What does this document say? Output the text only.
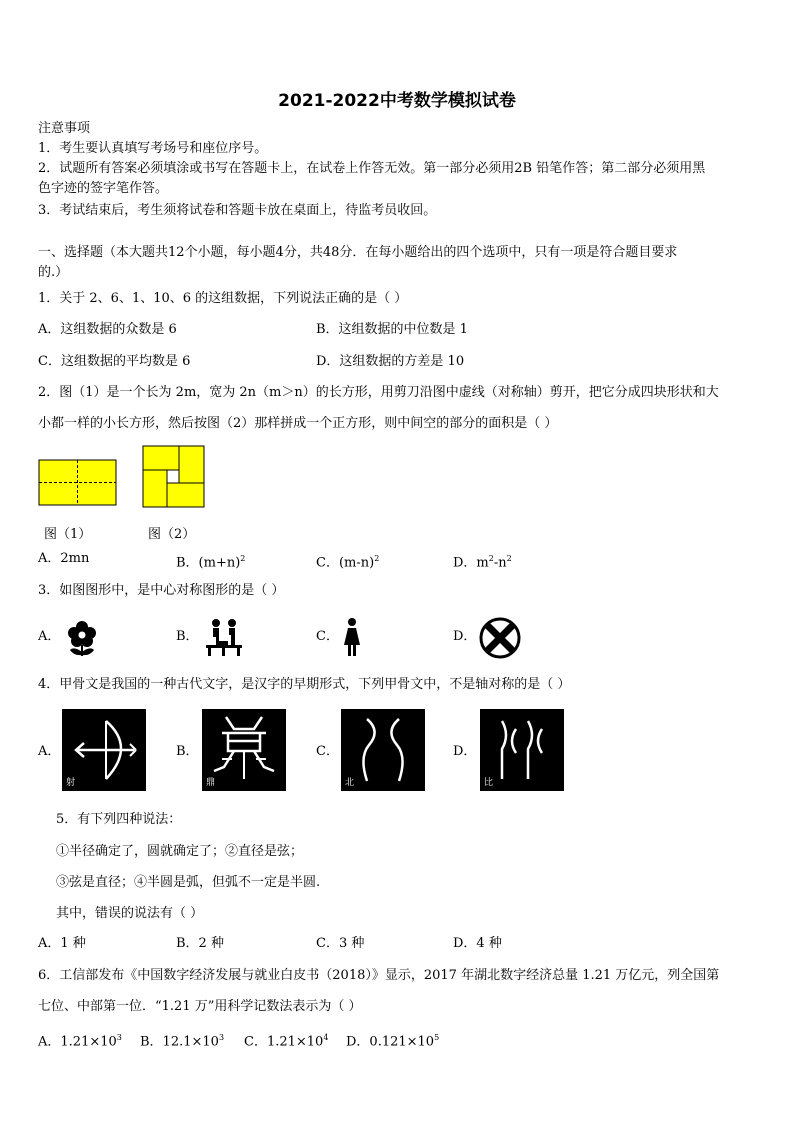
2021-2022中考数学模拟试卷
注意事项
1．考生要认真填写考场号和座位序号。
2．试题所有答案必须填涂或书写在答题卡上，在试卷上作答无效。第一部分必须用2B 铅笔作答；第二部分必须用黑
色字迹的签字笔作答。
3．考试结束后，考生须将试卷和答题卡放在桌面上，待监考员收回。
一、选择题（本大题共12个小题，每小题4分，共48分．在每小题给出的四个选项中，只有一项是符合题目要求
的.）
1．关于 2、6、1、10、6 的这组数据，下列说法正确的是（ ）
A．这组数据的众数是 6	B．这组数据的中位数是 1
C．这组数据的平均数是 6	D．这组数据的方差是 10
2．图（1）是一个长为 2m，宽为 2n（m＞n）的长方形，用剪刀沿图中虚线（对称轴）剪开，把它分成四块形状和大
小都一样的小长方形，然后按图（2）那样拼成一个正方形，则中间空的部分的面积是（ ）
图（1）	图（2）
A．2mn	B．$(m+n)^2$	C．$(m-n)^2$	D．$m^2-n^2$
3．如图图形中，是中心对称图形的是（ ）
A．	B．	C．	D．
4．甲骨文是我国的一种古代文字，是汉字的早期形式，下列甲骨文中，不是轴对称的是（ ）
A．
射
B．
鼎
C．
北
D．
比
5．有下列四种说法：
①半径确定了，圆就确定了；②直径是弦；
③弦是直径；④半圆是弧，但弧不一定是半圆.
其中，错误的说法有（ ）
A．1 种	B．2 种	C．3 种	D．4 种
6．工信部发布《中国数字经济发展与就业白皮书（2018）》显示，2017 年湖北数字经济总量 1.21 万亿元，列全国第
七位、中部第一位．“1.21 万”用科学记数法表示为（ ）
A．$1.21\times 10^3$ B．$12.1\times 10^3$ C．$1.21\times 10^4$ D．$0.121\times 10^5$
